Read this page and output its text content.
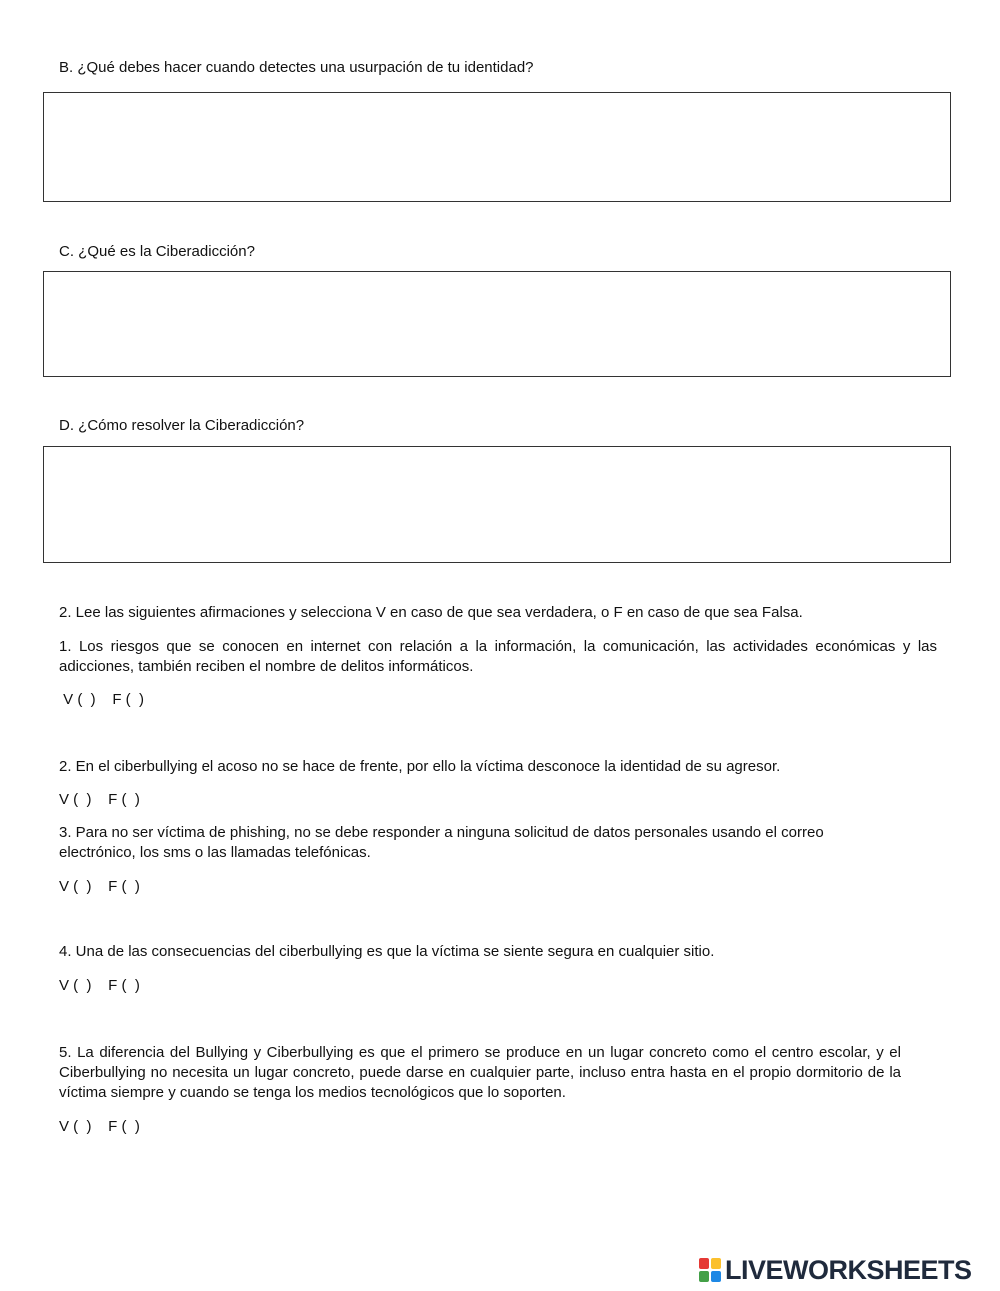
B. ¿Qué debes hacer cuando detectes una usurpación de tu identidad?
C. ¿Qué es la Ciberadicción?
D. ¿Cómo resolver la Ciberadicción?
2. Lee las siguientes afirmaciones y selecciona V en caso de que sea verdadera, o F en caso de que sea Falsa.
1. Los riesgos que se conocen en internet con relación a la información, la comunicación, las actividades económicas y las adicciones, también reciben el nombre de delitos informáticos.
V (  )    F (  )
2. En el ciberbullying el acoso no se hace de frente, por ello la víctima desconoce la identidad de su agresor.
V (  )    F (  )
3. Para no ser víctima de phishing, no se debe responder a ninguna solicitud de datos personales usando el correo electrónico, los sms o las llamadas telefónicas.
V (  )    F (  )
4. Una de las consecuencias del ciberbullying es que la víctima se siente segura en cualquier sitio.
V (  )    F (  )
5. La diferencia del Bullying y Ciberbullying es que el primero se produce en un lugar concreto como el centro escolar, y el Ciberbullying no necesita un lugar concreto, puede darse en cualquier parte, incluso entra hasta en el propio dormitorio de la víctima siempre y cuando se tenga los medios tecnológicos que lo soporten.
V (  )    F (  )
LIVEWORKSHEETS
